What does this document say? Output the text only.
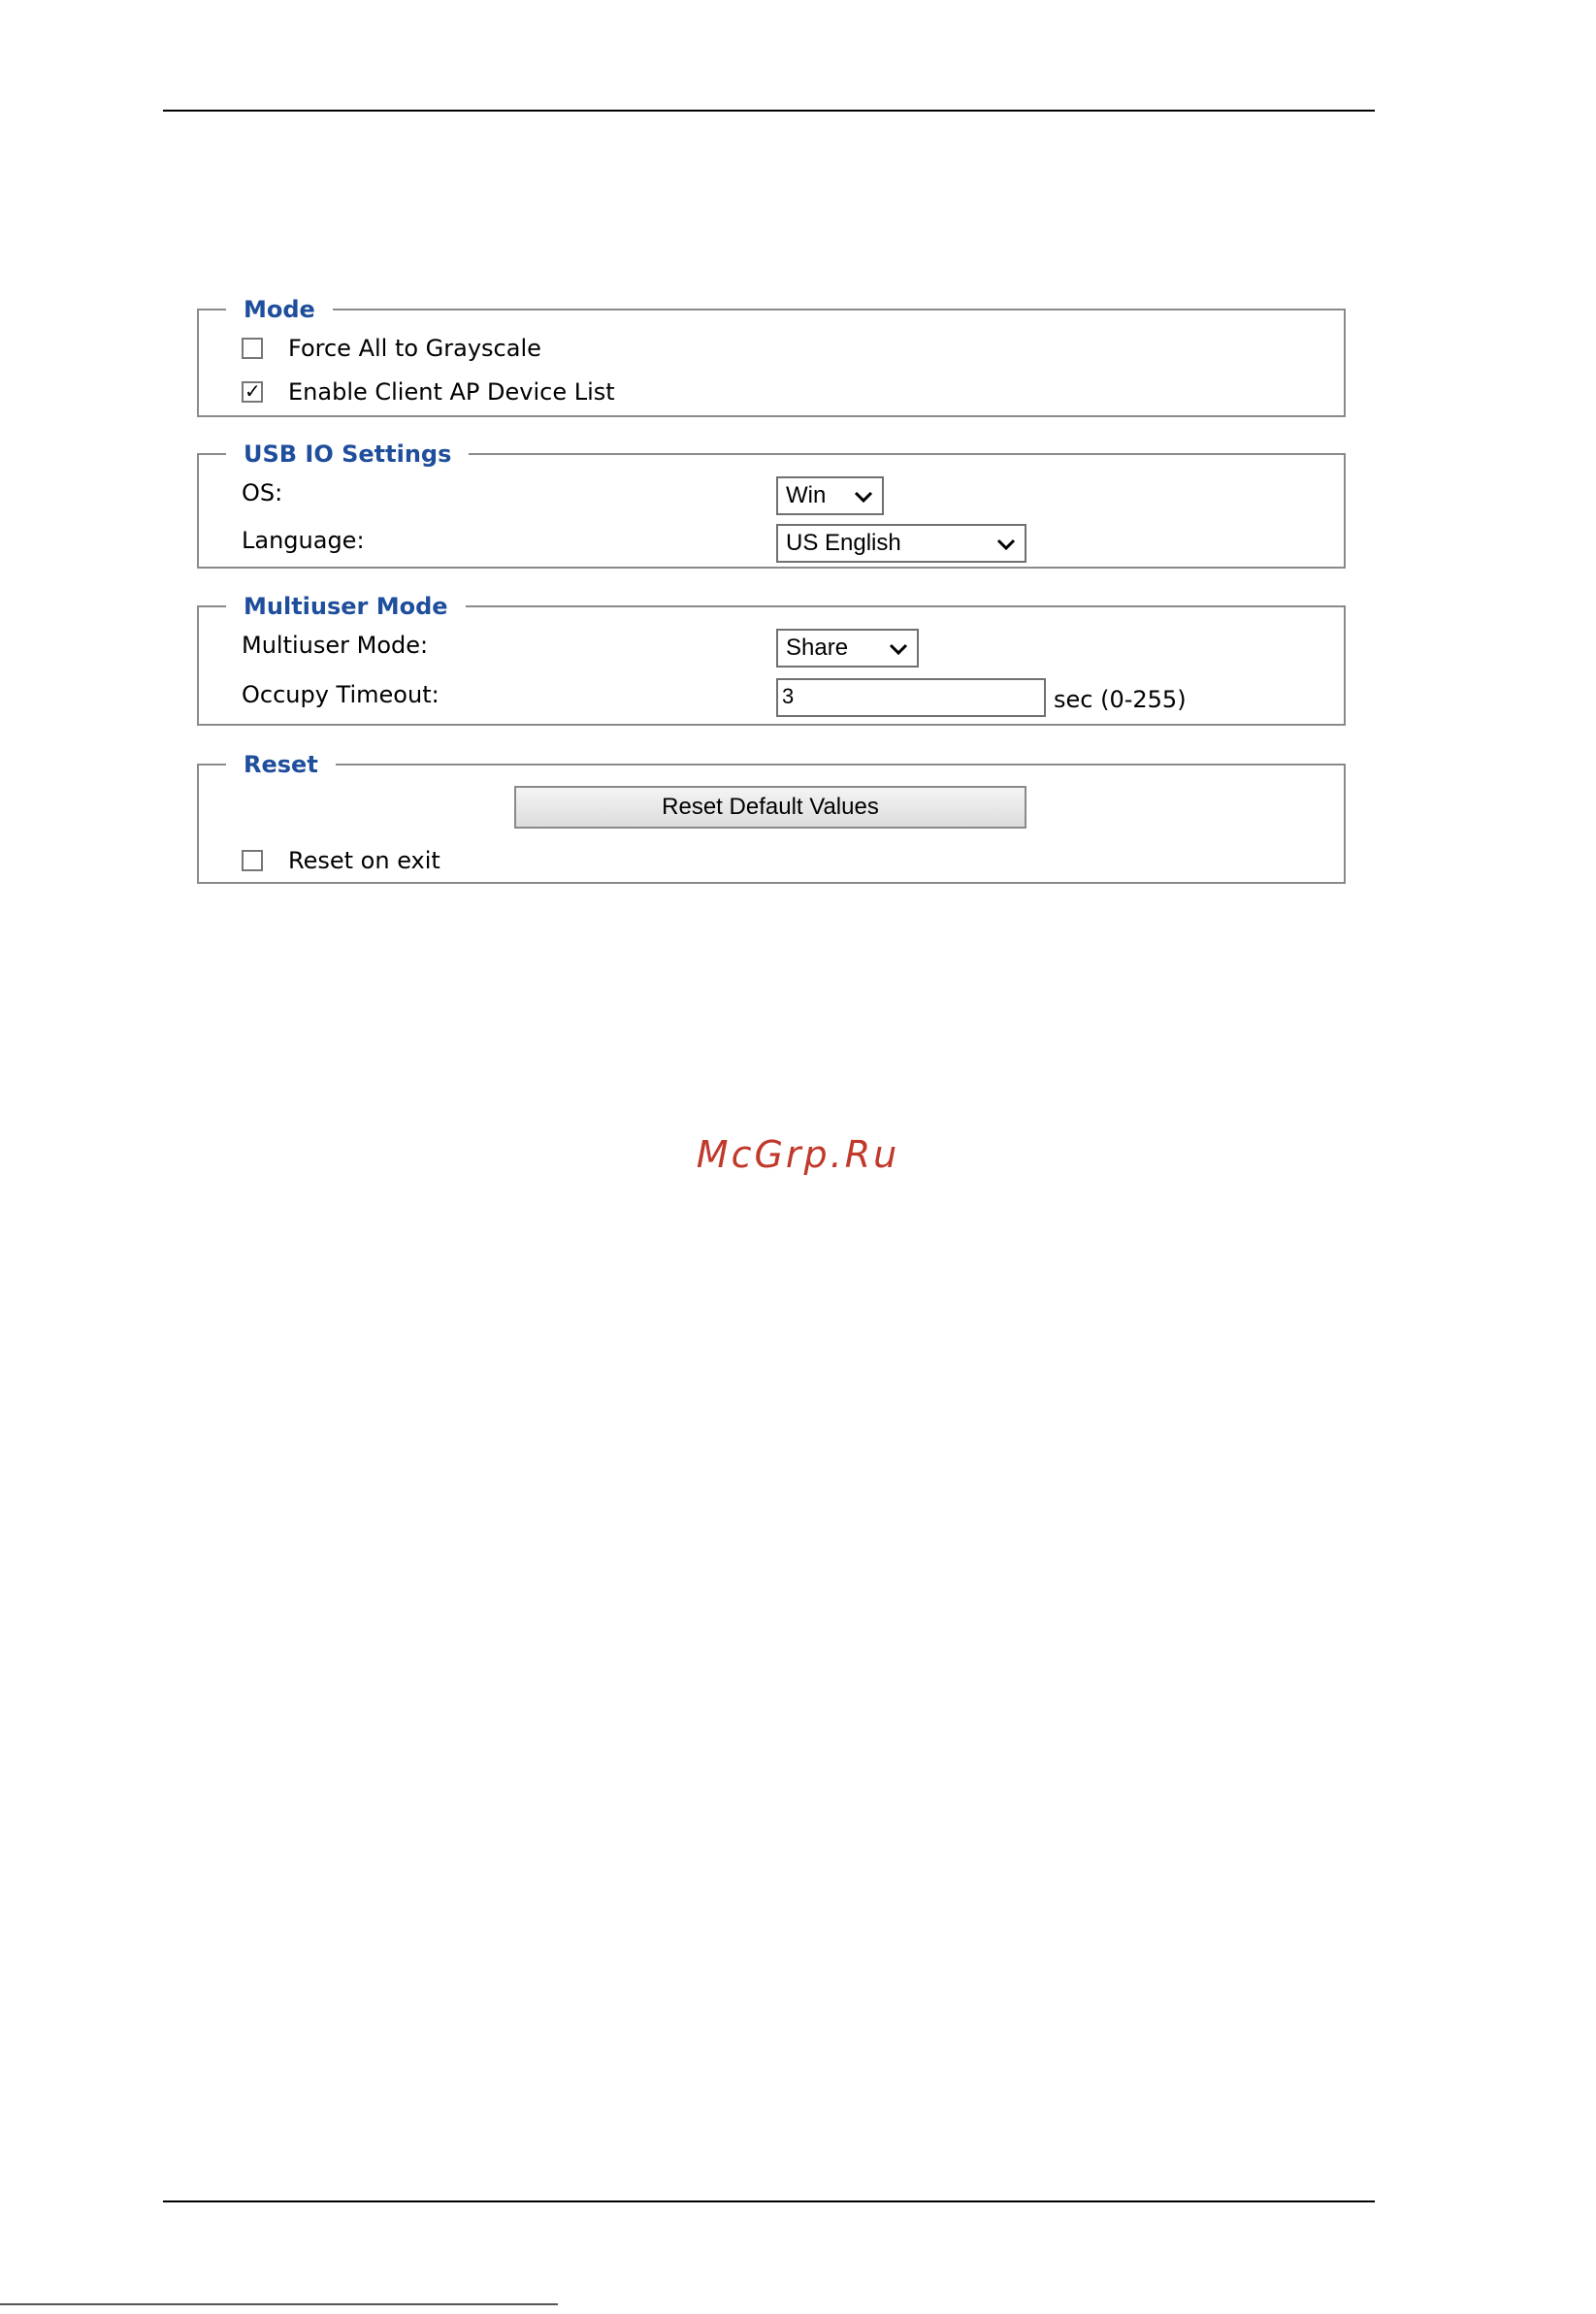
Mode
Force All to Grayscale
✓ Enable Client AP Device List
USB IO Settings
OS:	Win
Language:	US English
Multiuser Mode
Multiuser Mode:	Share
Occupy Timeout:	3	sec (0-255)
Reset
Reset Default Values
Reset on exit
McGrp.Ru
